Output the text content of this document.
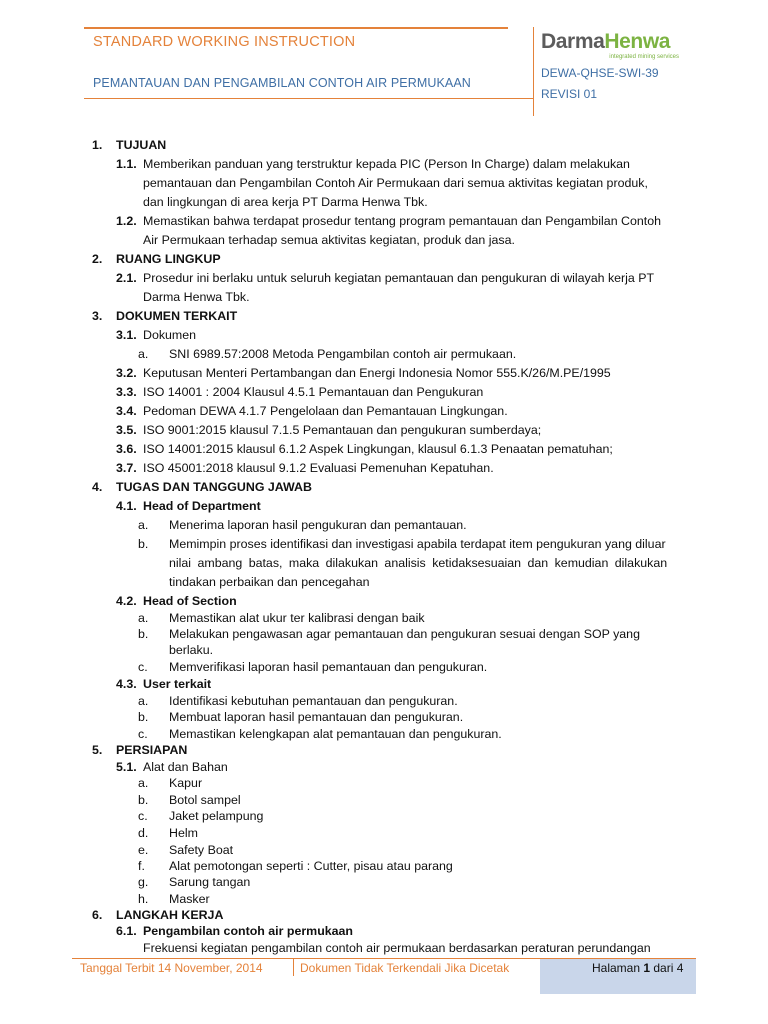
STANDARD WORKING INSTRUCTION
PEMANTAUAN DAN PENGAMBILAN CONTOH AIR PERMUKAAN
DarmaHenwa
integrated mining services
DEWA-QHSE-SWI-39
REVISI 01
1. TUJUAN
1.1. Memberikan panduan yang terstruktur kepada PIC (Person In Charge) dalam melakukan
pemantauan dan Pengambilan Contoh Air Permukaan dari semua aktivitas kegiatan produk,
dan lingkungan di area kerja PT Darma Henwa Tbk.
1.2. Memastikan bahwa terdapat prosedur tentang program pemantauan dan Pengambilan Contoh
Air Permukaan terhadap semua aktivitas kegiatan, produk dan jasa.
2. RUANG LINGKUP
2.1. Prosedur ini berlaku untuk seluruh kegiatan pemantauan dan pengukuran di wilayah kerja PT
Darma Henwa Tbk.
3. DOKUMEN TERKAIT
3.1. Dokumen
a. SNI 6989.57:2008 Metoda Pengambilan contoh air permukaan.
3.2. Keputusan Menteri Pertambangan dan Energi Indonesia Nomor 555.K/26/M.PE/1995
3.3. ISO 14001 : 2004 Klausul 4.5.1 Pemantauan dan Pengukuran
3.4. Pedoman DEWA 4.1.7 Pengelolaan dan Pemantauan Lingkungan.
3.5. ISO 9001:2015 klausul 7.1.5 Pemantauan dan pengukuran sumberdaya;
3.6. ISO 14001:2015 klausul 6.1.2 Aspek Lingkungan, klausul 6.1.3 Penaatan pematuhan;
3.7. ISO 45001:2018 klausul 9.1.2 Evaluasi Pemenuhan Kepatuhan.
4. TUGAS DAN TANGGUNG JAWAB
4.1. Head of Department
a. Menerima laporan hasil pengukuran dan pemantauan.
b. Memimpin proses identifikasi dan investigasi apabila terdapat item pengukuran yang diluar
nilai ambang batas, maka dilakukan analisis ketidaksesuaian dan kemudian dilakukan
tindakan perbaikan dan pencegahan
4.2. Head of Section
a. Memastikan alat ukur ter kalibrasi dengan baik
b. Melakukan pengawasan agar pemantauan dan pengukuran sesuai dengan SOP yang
berlaku.
c. Memverifikasi laporan hasil pemantauan dan pengukuran.
4.3. User terkait
a. Identifikasi kebutuhan pemantauan dan pengukuran.
b. Membuat laporan hasil pemantauan dan pengukuran.
c. Memastikan kelengkapan alat pemantauan dan pengukuran.
5. PERSIAPAN
5.1. Alat dan Bahan
a. Kapur
b. Botol sampel
c. Jaket pelampung
d. Helm
e. Safety Boat
f. Alat pemotongan seperti : Cutter, pisau atau parang
g. Sarung tangan
h. Masker
6. LANGKAH KERJA
6.1. Pengambilan contoh air permukaan
Frekuensi kegiatan pengambilan contoh air permukaan berdasarkan peraturan perundangan
Tanggal Terbit 14 November, 2014	Dokumen Tidak Terkendali Jika Dicetak	Halaman 1 dari 4
